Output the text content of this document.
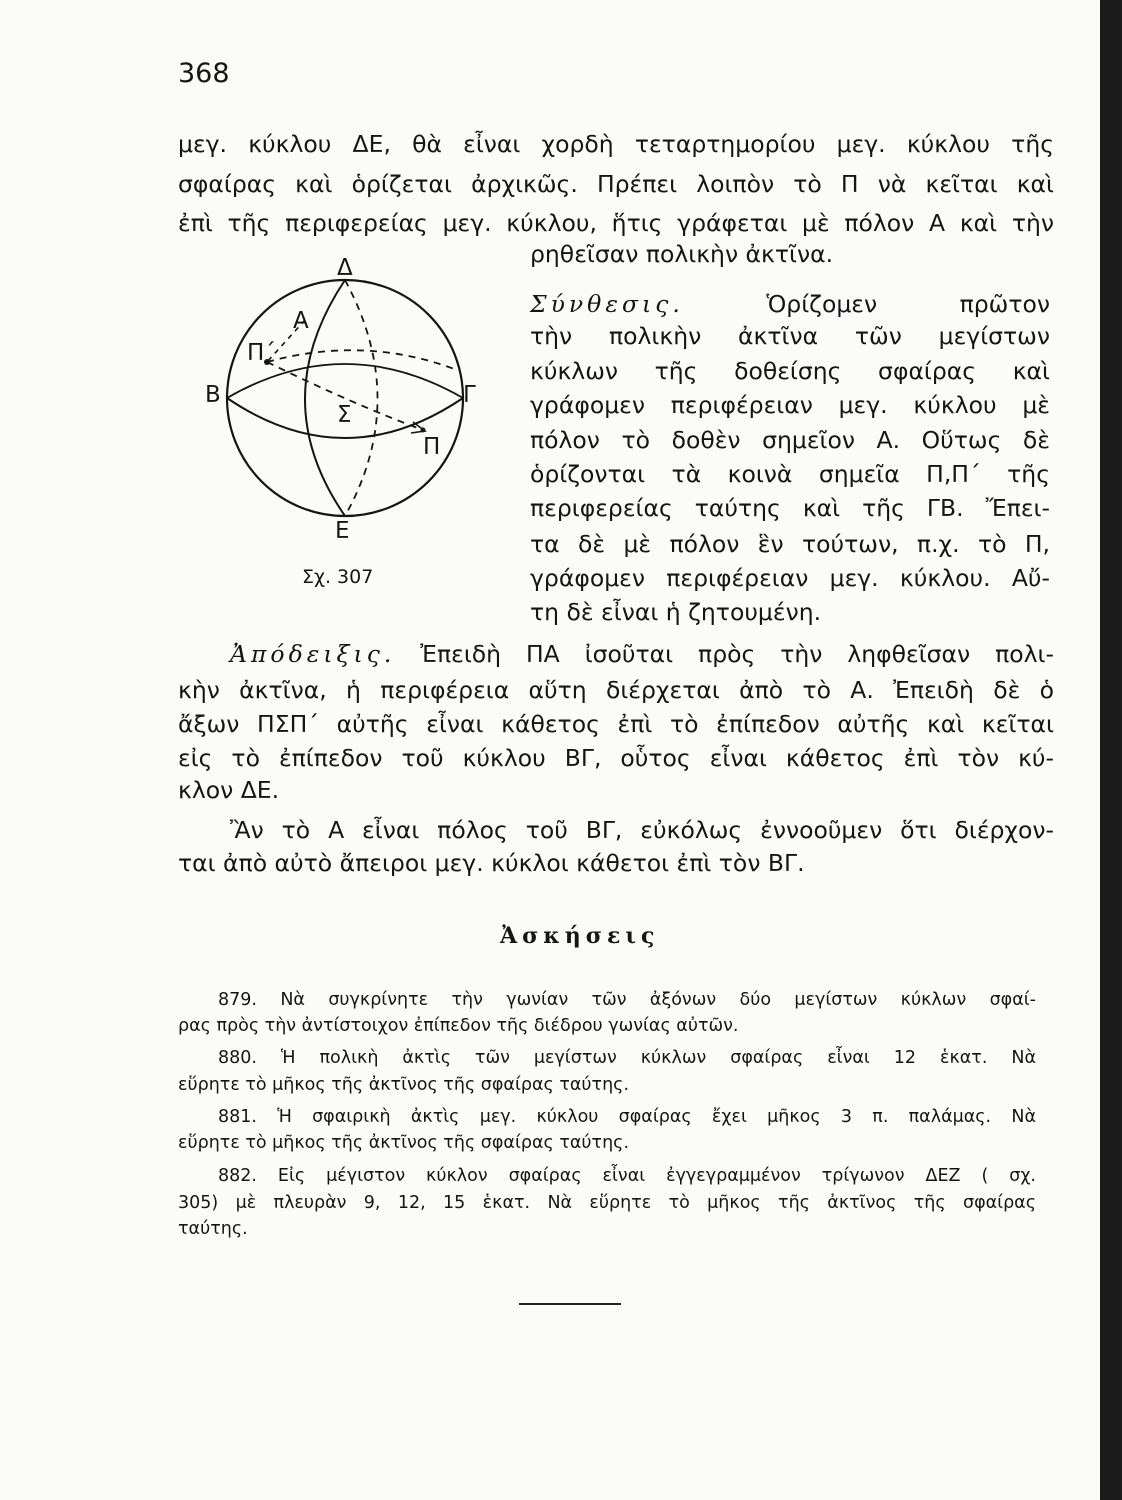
368
μεγ. κύκλου ΔΕ, θὰ εἶναι χορδὴ τεταρτημορίου μεγ. κύκλου τῆς
σφαίρας καὶ ὁρίζεται ἀρχικῶς. Πρέπει λοιπὸν τὸ Π νὰ κεῖται καὶ
ἐπὶ τῆς περιφερείας μεγ. κύκλου, ἥτις γράφεται μὲ πόλον Α καὶ τὴν
ρηθεῖσαν πολικὴν ἀκτῖνα.
Σύνθεσις.	Ὁρίζομεν πρῶτον
τὴν πολικὴν ἀκτῖνα τῶν μεγίστων
κύκλων τῆς δοθείσης σφαίρας καὶ
γράφομεν περιφέρειαν μεγ. κύκλου μὲ
πόλον τὸ δοθὲν σημεῖον Α. Οὕτως δὲ
ὁρίζονται τὰ κοινὰ σημεῖα Π,Π΄ τῆς
περιφερείας ταύτης καὶ τῆς ΓΒ. Ἔπει-
τα δὲ μὲ πόλον ἓν τούτων, π.χ. τὸ Π,
γράφομεν περιφέρειαν μεγ. κύκλου. Αὔ-
τη δὲ εἶναι ἡ ζητουμένη.
Δ
Α
Π΄
Β	Γ
Σ
Π
Ε
Σχ. 307
Ἀπόδειξις. Ἐπειδὴ ΠΑ ἰσοῦται πρὸς τὴν ληφθεῖσαν πολι-
κὴν ἀκτῖνα, ἡ περιφέρεια αὕτη διέρχεται ἀπὸ τὸ Α. Ἐπειδὴ δὲ ὁ
ἄξων ΠΣΠ΄ αὐτῆς εἶναι κάθετος ἐπὶ τὸ ἐπίπεδον αὐτῆς καὶ κεῖται
εἰς τὸ ἐπίπεδον τοῦ κύκλου ΒΓ, οὗτος εἶναι κάθετος ἐπὶ τὸν κύ-
κλον ΔΕ.
Ἂν τὸ Α εἶναι πόλος τοῦ ΒΓ, εὐκόλως ἐννοοῦμεν ὅτι διέρχον-
ται ἀπὸ αὐτὸ ἄπειροι μεγ. κύκλοι κάθετοι ἐπὶ τὸν ΒΓ.
Ἀσκήσεις
879. Νὰ συγκρίνητε τὴν γωνίαν τῶν ἀξόνων δύο μεγίστων κύκλων σφαί-
ρας πρὸς τὴν ἀντίστοιχον ἐπίπεδον τῆς διέδρου γωνίας αὐτῶν.
880. Ἡ πολικὴ ἀκτὶς τῶν μεγίστων κύκλων σφαίρας εἶναι 12 ἑκατ. Νὰ
εὕρητε τὸ μῆκος τῆς ἀκτῖνος τῆς σφαίρας ταύτης.
881. Ἡ σφαιρικὴ ἀκτὶς μεγ. κύκλου σφαίρας ἔχει μῆκος 3 π. παλάμας. Νὰ
εὕρητε τὸ μῆκος τῆς ἀκτῖνος τῆς σφαίρας ταύτης.
882. Εἰς μέγιστον κύκλον σφαίρας εἶναι ἐγγεγραμμένον τρίγωνον ΔΕΖ ( σχ.
305) μὲ πλευρὰν 9, 12, 15 ἑκατ. Νὰ εὕρητε τὸ μῆκος τῆς ἀκτῖνος τῆς σφαίρας
ταύτης.
